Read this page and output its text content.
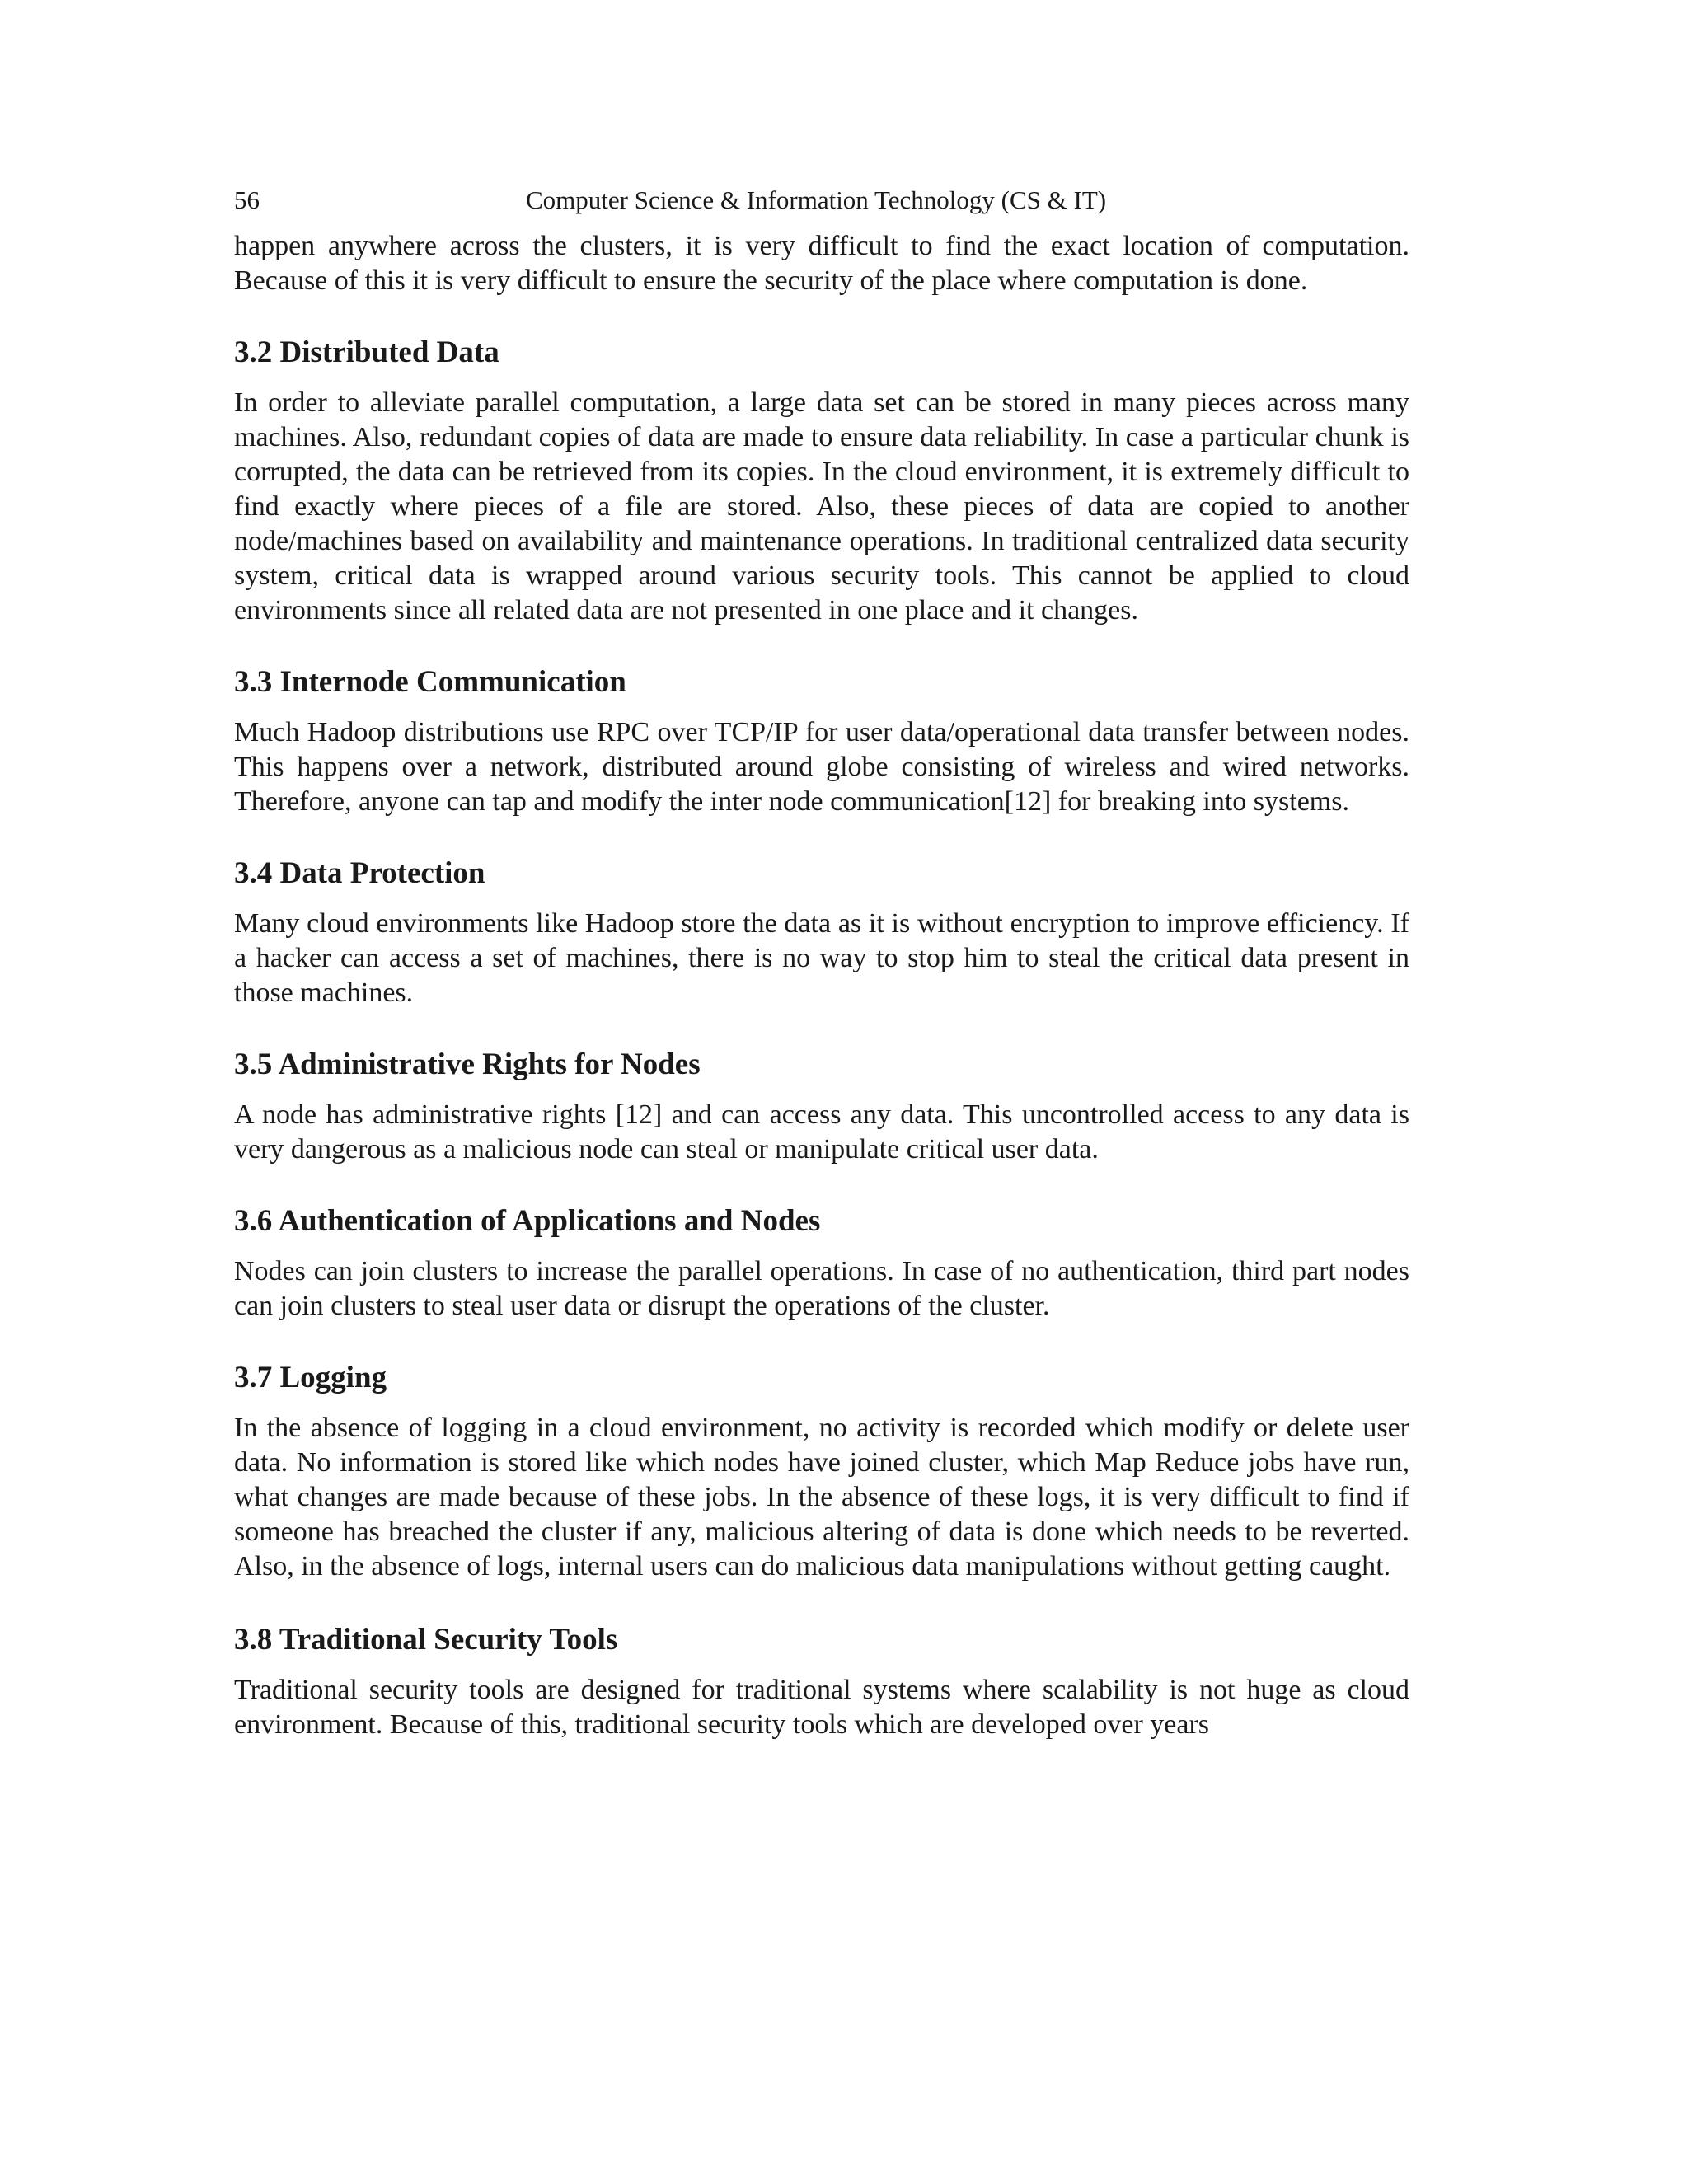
56	Computer Science & Information Technology (CS & IT)

happen anywhere across the clusters, it is very difficult to find the exact location of computation. Because of this it is very difficult to ensure the security of the place where computation is done.

3.2 Distributed Data

In order to alleviate parallel computation, a large data set can be stored in many pieces across many machines. Also, redundant copies of data are made to ensure data reliability. In case a particular chunk is corrupted, the data can be retrieved from its copies. In the cloud environment, it is extremely difficult to find exactly where pieces of a file are stored. Also, these pieces of data are copied to another node/machines based on availability and maintenance operations. In traditional centralized data security system, critical data is wrapped around various security tools. This cannot be applied to cloud environments since all related data are not presented in one place and it changes.

3.3 Internode Communication

Much Hadoop distributions use RPC over TCP/IP for user data/operational data transfer between nodes. This happens over a network, distributed around globe consisting of wireless and wired networks. Therefore, anyone can tap and modify the inter node communication[12] for breaking into systems.

3.4 Data Protection

Many cloud environments like Hadoop store the data as it is without encryption to improve efficiency. If a hacker can access a set of machines, there is no way to stop him to steal the critical data present in those machines.

3.5 Administrative Rights for Nodes

A node has administrative rights [12] and can access any data. This uncontrolled access to any data is very dangerous as a malicious node can steal or manipulate critical user data.

3.6 Authentication of Applications and Nodes

Nodes can join clusters to increase the parallel operations. In case of no authentication, third part nodes can join clusters to steal user data or disrupt the operations of the cluster.

3.7 Logging

In the absence of logging in a cloud environment, no activity is recorded which modify or delete user data. No information is stored like which nodes have joined cluster, which Map Reduce jobs have run, what changes are made because of these jobs. In the absence of these logs, it is very difficult to find if someone has breached the cluster if any, malicious altering of data is done which needs to be reverted. Also, in the absence of logs, internal users can do malicious data manipulations without getting caught.

3.8 Traditional Security Tools

Traditional security tools are designed for traditional systems where scalability is not huge as cloud environment. Because of this, traditional security tools which are developed over years
